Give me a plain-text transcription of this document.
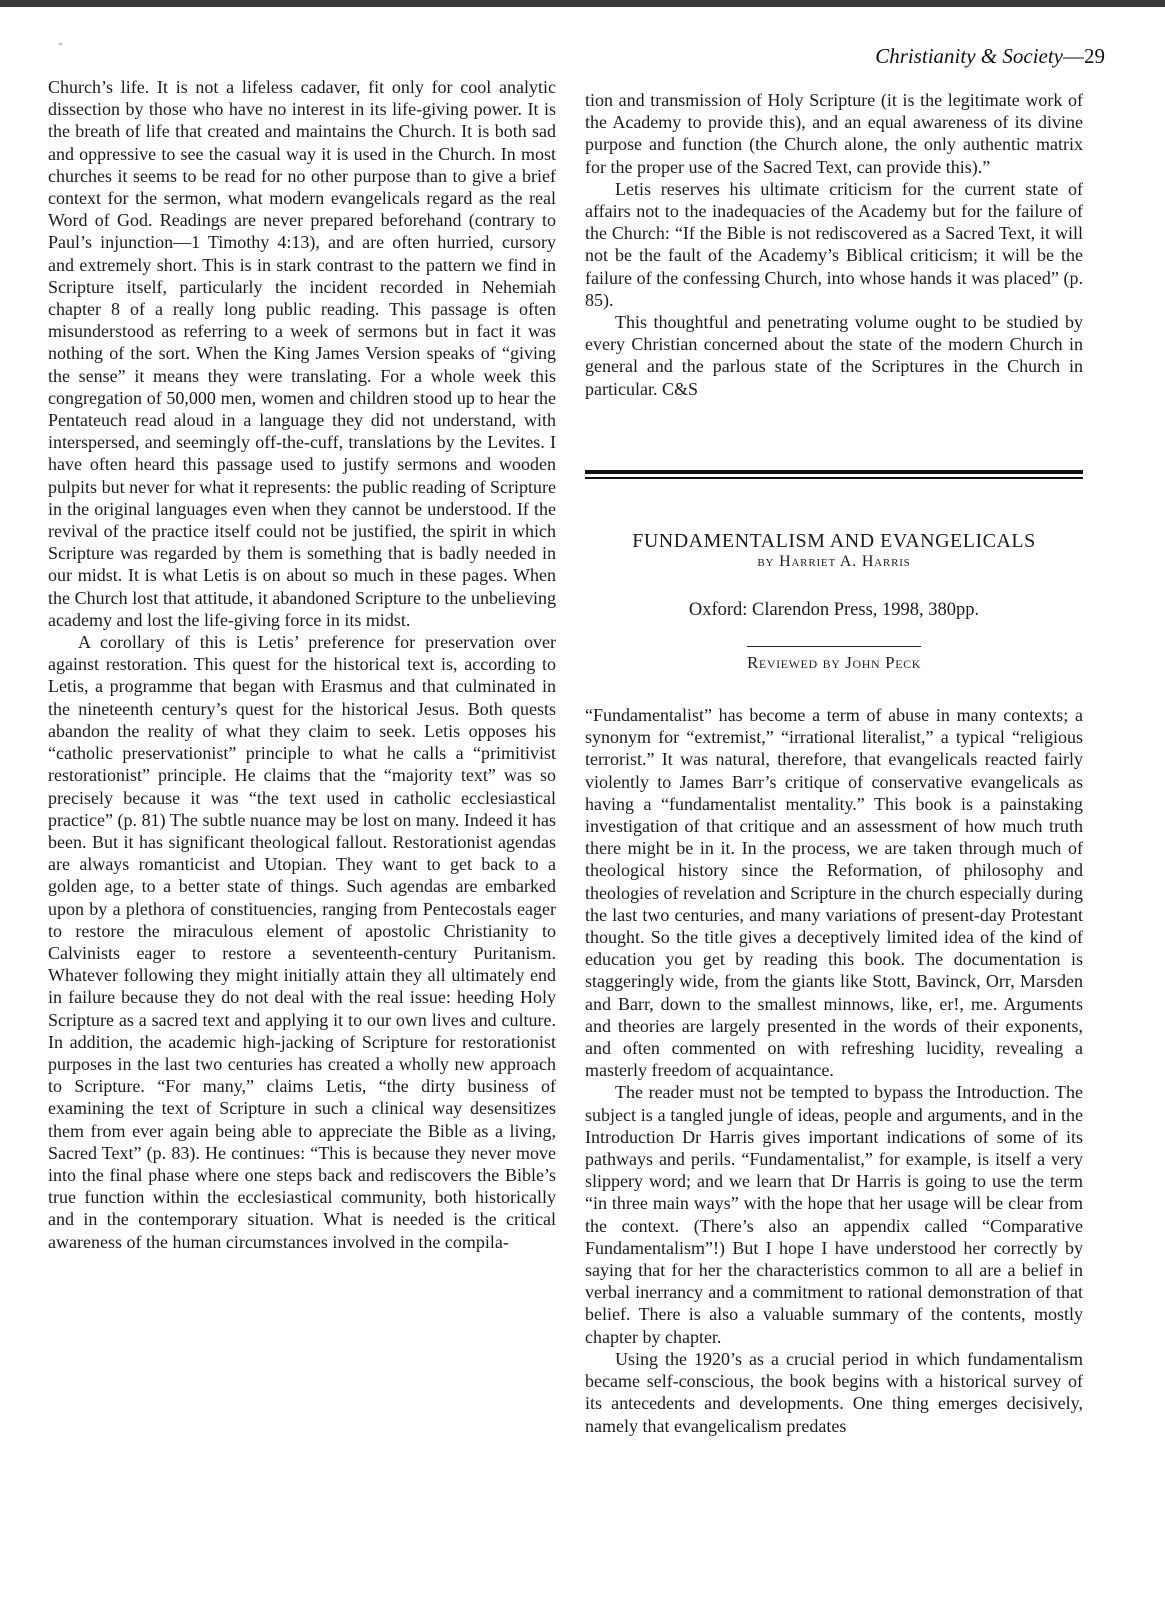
-
Christianity & Society—29

Church’s life. It is not a lifeless cadaver, fit only for cool analytic dissection by those who have no interest in its life-giving power. It is the breath of life that created and maintains the Church. It is both sad and oppressive to see the casual way it is used in the Church. In most churches it seems to be read for no other purpose than to give a brief context for the sermon, what modern evangelicals regard as the real Word of God. Readings are never prepared beforehand (contrary to Paul’s injunction—1 Timothy 4:13), and are often hurried, cursory and extremely short. This is in stark contrast to the pattern we find in Scripture itself, particularly the incident recorded in Nehemiah chapter 8 of a really long public reading. This passage is often misunderstood as referring to a week of sermons but in fact it was nothing of the sort. When the King James Version speaks of “giving the sense” it means they were translating. For a whole week this congregation of 50,000 men, women and children stood up to hear the Pentateuch read aloud in a language they did not understand, with interspersed, and seemingly off-the-cuff, translations by the Levites. I have often heard this passage used to justify sermons and wooden pulpits but never for what it represents: the public reading of Scripture in the original languages even when they cannot be understood. If the revival of the practice itself could not be justified, the spirit in which Scripture was regarded by them is something that is badly needed in our midst. It is what Letis is on about so much in these pages. When the Church lost that attitude, it abandoned Scripture to the unbelieving academy and lost the life-giving force in its midst.

A corollary of this is Letis’ preference for preservation over against restoration. This quest for the historical text is, according to Letis, a programme that began with Erasmus and that culminated in the nineteenth century’s quest for the historical Jesus. Both quests abandon the reality of what they claim to seek. Letis opposes his “catholic preservationist” principle to what he calls a “primitivist restorationist” principle. He claims that the “majority text” was so precisely because it was “the text used in catholic ecclesiastical practice” (p. 81) The subtle nuance may be lost on many. Indeed it has been. But it has significant theological fallout. Restorationist agendas are always romanticist and Utopian. They want to get back to a golden age, to a better state of things. Such agendas are embarked upon by a plethora of constituencies, ranging from Pentecostals eager to restore the miraculous element of apostolic Christianity to Calvinists eager to restore a seventeenth-century Puritanism. Whatever following they might initially attain they all ultimately end in failure because they do not deal with the real issue: heeding Holy Scripture as a sacred text and applying it to our own lives and culture. In addition, the academic high-jacking of Scripture for restorationist purposes in the last two centuries has created a wholly new approach to Scripture. “For many,” claims Letis, “the dirty business of examining the text of Scripture in such a clinical way desensitizes them from ever again being able to appreciate the Bible as a living, Sacred Text” (p. 83). He continues: “This is because they never move into the final phase where one steps back and rediscovers the Bible’s true function within the ecclesiastical community, both historically and in the contemporary situation. What is needed is the critical awareness of the human circumstances involved in the compila-

tion and transmission of Holy Scripture (it is the legitimate work of the Academy to provide this), and an equal awareness of its divine purpose and function (the Church alone, the only authentic matrix for the proper use of the Sacred Text, can provide this).”

Letis reserves his ultimate criticism for the current state of affairs not to the inadequacies of the Academy but for the failure of the Church: “If the Bible is not rediscovered as a Sacred Text, it will not be the fault of the Academy’s Biblical criticism; it will be the failure of the confessing Church, into whose hands it was placed” (p. 85).

This thoughtful and penetrating volume ought to be studied by every Christian concerned about the state of the modern Church in general and the parlous state of the Scriptures in the Church in particular. C&S

FUNDAMENTALISM AND EVANGELICALS
by Harriet A. Harris
Oxford: Clarendon Press, 1998, 380pp.
Reviewed by John Peck

“Fundamentalist” has become a term of abuse in many contexts; a synonym for “extremist,” “irrational literalist,” a typical “religious terrorist.” It was natural, therefore, that evangelicals reacted fairly violently to James Barr’s critique of conservative evangelicals as having a “fundamentalist mentality.” This book is a painstaking investigation of that critique and an assessment of how much truth there might be in it. In the process, we are taken through much of theological history since the Reformation, of philosophy and theologies of revelation and Scripture in the church especially during the last two centuries, and many variations of present-day Protestant thought. So the title gives a deceptively limited idea of the kind of education you get by reading this book. The documentation is staggeringly wide, from the giants like Stott, Bavinck, Orr, Marsden and Barr, down to the smallest minnows, like, er!, me. Arguments and theories are largely presented in the words of their exponents, and often commented on with refreshing lucidity, revealing a masterly freedom of acquaintance.

The reader must not be tempted to bypass the Introduction. The subject is a tangled jungle of ideas, people and arguments, and in the Introduction Dr Harris gives important indications of some of its pathways and perils. “Fundamentalist,” for example, is itself a very slippery word; and we learn that Dr Harris is going to use the term “in three main ways” with the hope that her usage will be clear from the context. (There’s also an appendix called “Comparative Fundamentalism”!) But I hope I have understood her correctly by saying that for her the characteristics common to all are a belief in verbal inerrancy and a commitment to rational demonstration of that belief. There is also a valuable summary of the contents, mostly chapter by chapter.

Using the 1920’s as a crucial period in which fundamentalism became self-conscious, the book begins with a historical survey of its antecedents and developments. One thing emerges decisively, namely that evangelicalism predates
